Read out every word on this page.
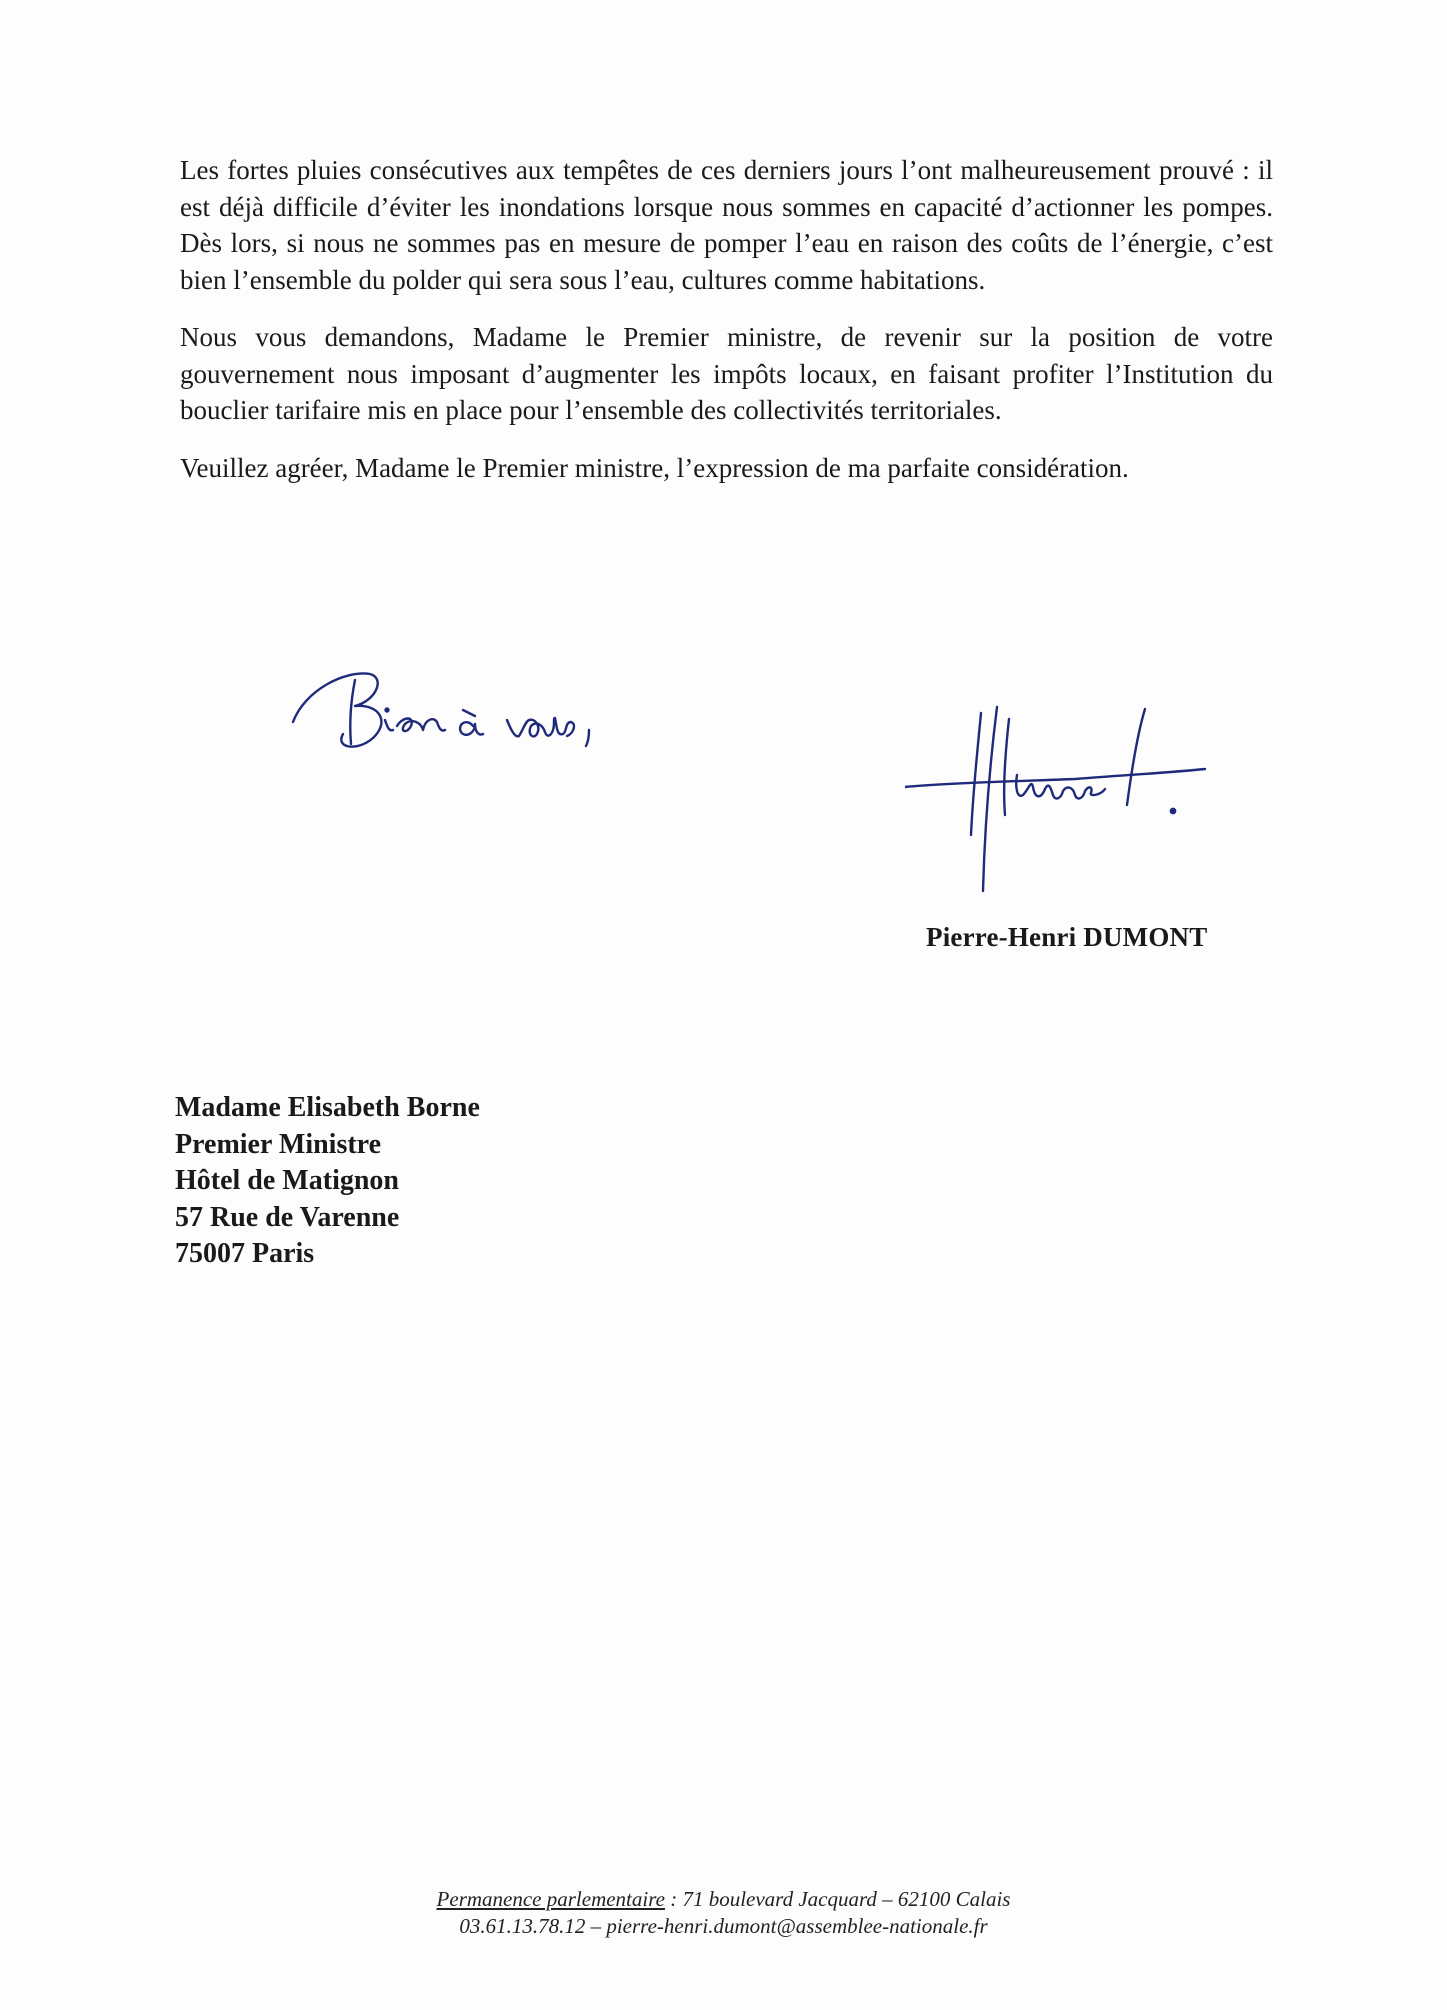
Les fortes pluies consécutives aux tempêtes de ces derniers jours l’ont malheureusement prouvé : il est déjà difficile d’éviter les inondations lorsque nous sommes en capacité d’actionner les pompes. Dès lors, si nous ne sommes pas en mesure de pomper l’eau en raison des coûts de l’énergie, c’est bien l’ensemble du polder qui sera sous l’eau, cultures comme habitations.

Nous vous demandons, Madame le Premier ministre, de revenir sur la position de votre gouvernement nous imposant d’augmenter les impôts locaux, en faisant profiter l’Institution du bouclier tarifaire mis en place pour l’ensemble des collectivités territoriales.

Veuillez agréer, Madame le Premier ministre, l’expression de ma parfaite considération.

Pierre-Henri DUMONT
Madame Elisabeth Borne
Premier Ministre
Hôtel de Matignon
57 Rue de Varenne
75007 Paris
Permanence parlementaire : 71 boulevard Jacquard – 62100 Calais
03.61.13.78.12 – pierre-henri.dumont@assemblee-nationale.fr
